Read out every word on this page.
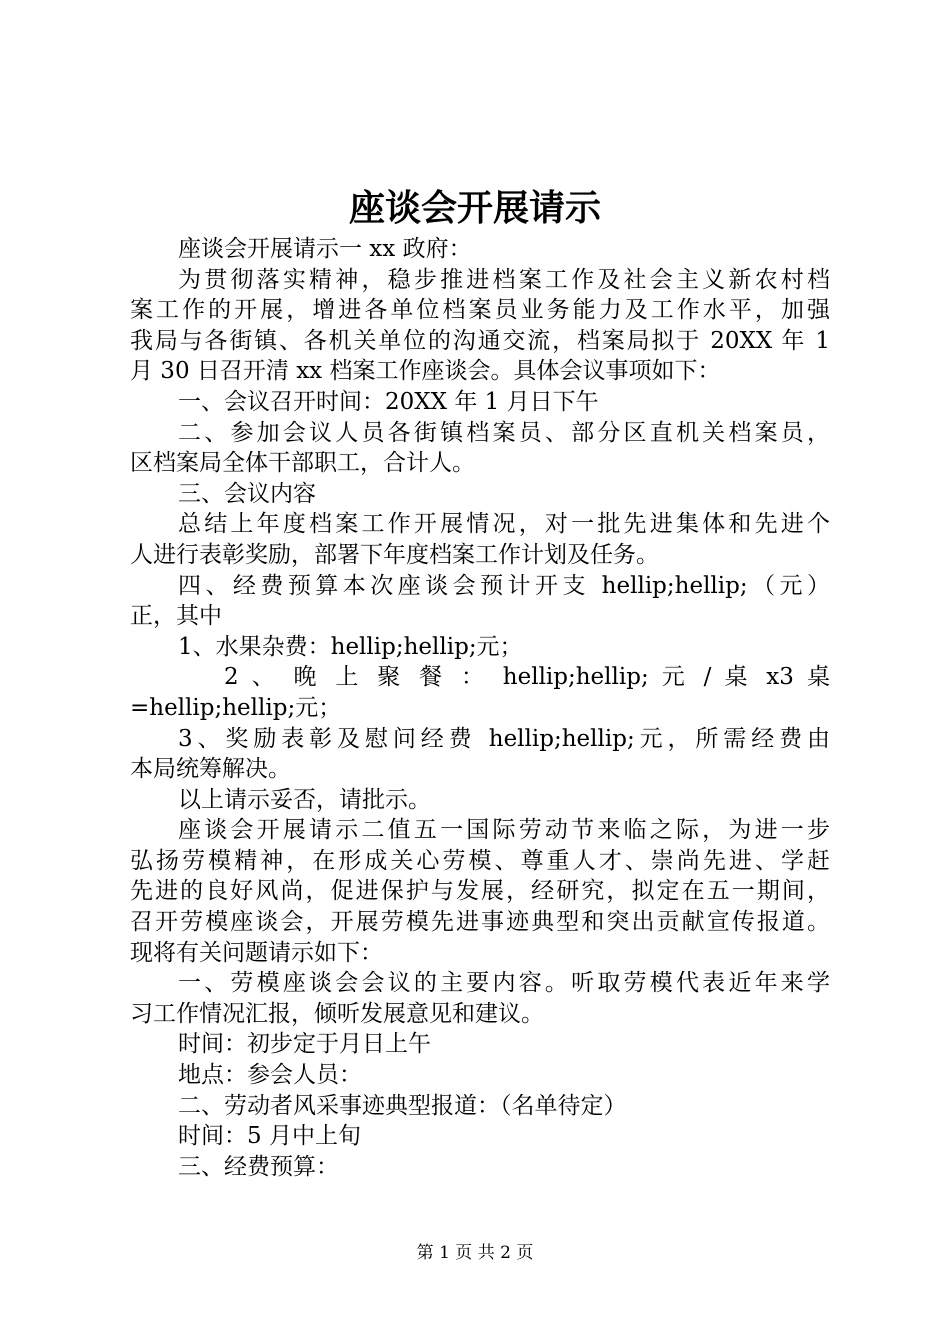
座谈会开展请示
座谈会开展请示一 xx 政府：
为贯彻落实精神，稳步推进档案工作及社会主义新农村档
案工作的开展，增进各单位档案员业务能力及工作水平，加强
我局与各街镇、各机关单位的沟通交流，档案局拟于 20XX 年 1
月 30 日召开清 xx 档案工作座谈会。具体会议事项如下：
一、会议召开时间：20XX 年 1 月日下午
二、参加会议人员各街镇档案员、部分区直机关档案员，
区档案局全体干部职工，合计人。
三、会议内容
总结上年度档案工作开展情况，对一批先进集体和先进个
人进行表彰奖励，部署下年度档案工作计划及任务。
四、经费预算本次座谈会预计开支 hellip;hellip;（元）
正，其中
1、水果杂费：hellip;hellip;元；
2 、 晚 上 聚 餐 ： hellip;hellip; 元 / 桌 x3 桌
=hellip;hellip;元；
3、奖励表彰及慰问经费 hellip;hellip;元，所需经费由
本局统筹解决。
以上请示妥否，请批示。
座谈会开展请示二值五一国际劳动节来临之际，为进一步
弘扬劳模精神，在形成关心劳模、尊重人才、崇尚先进、学赶
先进的良好风尚，促进保护与发展，经研究，拟定在五一期间，
召开劳模座谈会，开展劳模先进事迹典型和突出贡献宣传报道。
现将有关问题请示如下：
一、劳模座谈会会议的主要内容。听取劳模代表近年来学
习工作情况汇报，倾听发展意见和建议。
时间：初步定于月日上午
地点：参会人员：
二、劳动者风采事迹典型报道：（名单待定）
时间：5 月中上旬
三、经费预算：
第 1 页 共 2 页
